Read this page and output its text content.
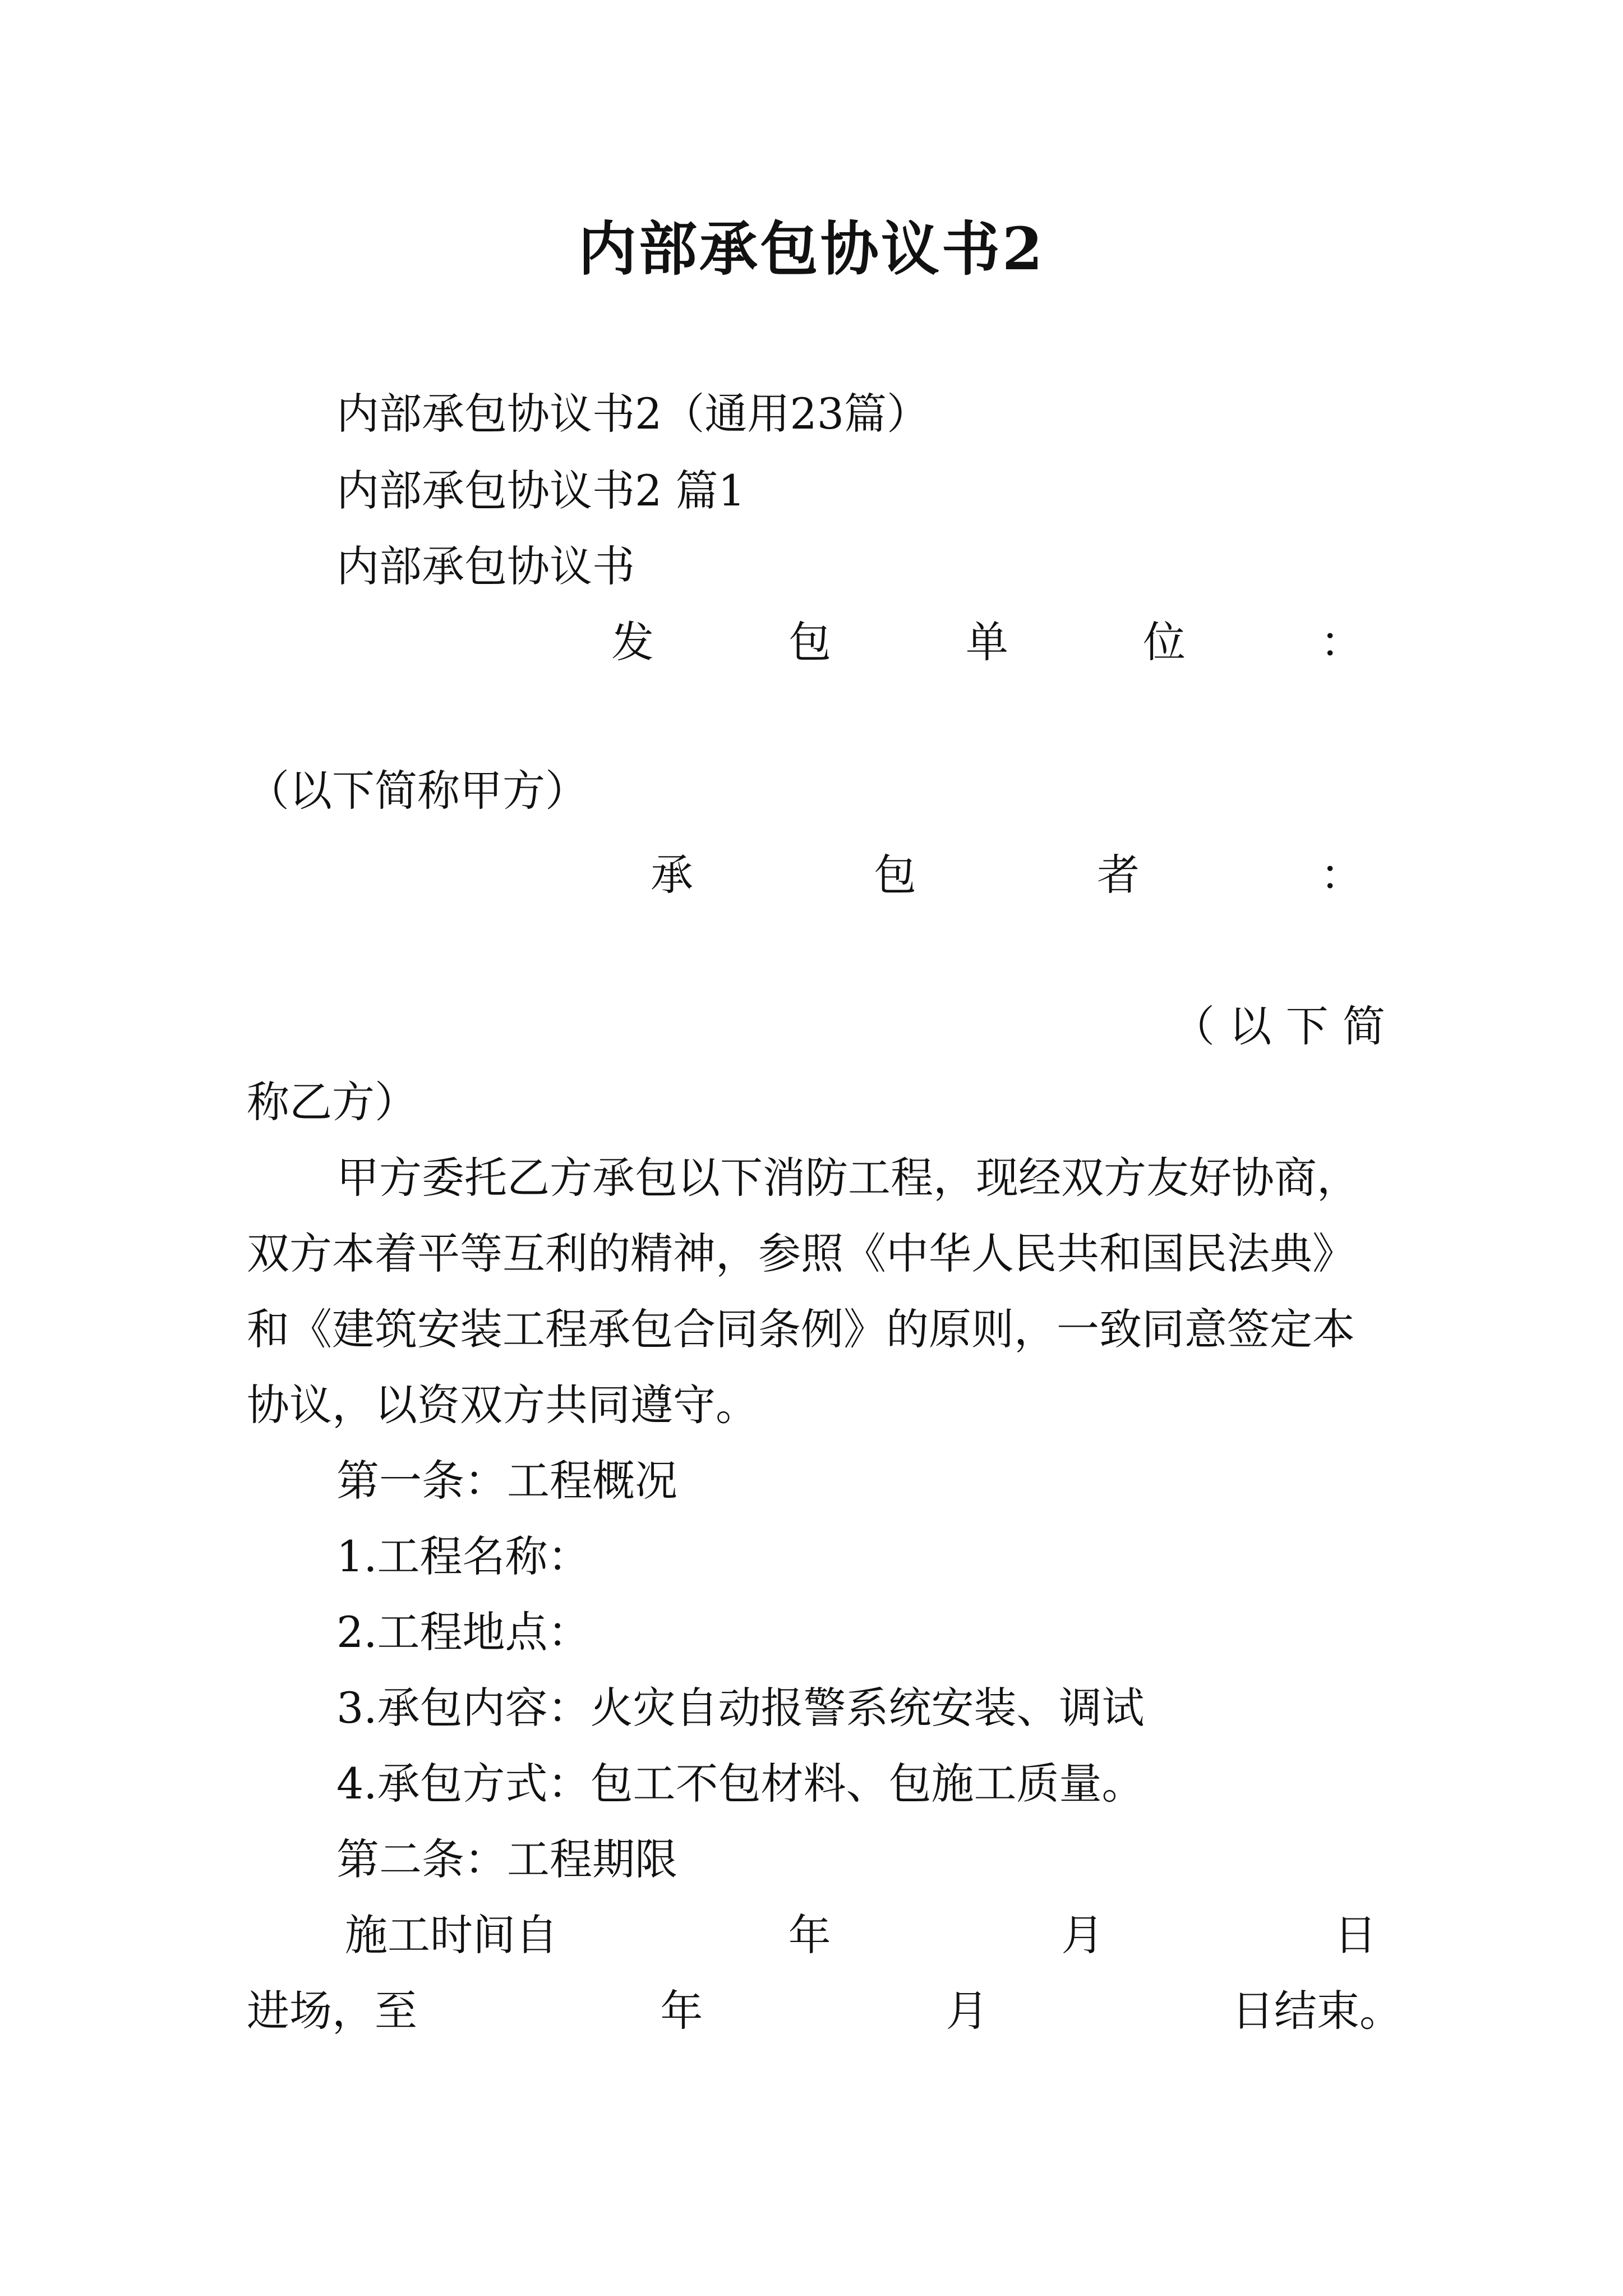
内部承包协议书2
内部承包协议书2（通用23篇）
内部承包协议书2 篇1
内部承包协议书
发	包	单	位	：
（以下简称甲方）
承	包	者	：
（ 以 下 简
称乙方）
甲方委托乙方承包以下消防工程，现经双方友好协商，
双方本着平等互利的精神，参照《中华人民共和国民法典》
和《建筑安装工程承包合同条例》的原则，一致同意签定本
协议，以资双方共同遵守。
第一条：工程概况
1.工程名称：
2.工程地点：
3.承包内容：火灾自动报警系统安装、调试
4.承包方式：包工不包材料、包施工质量。
第二条：工程期限
施工时间自	年	月	日
进场，至	年	月	日结束。
